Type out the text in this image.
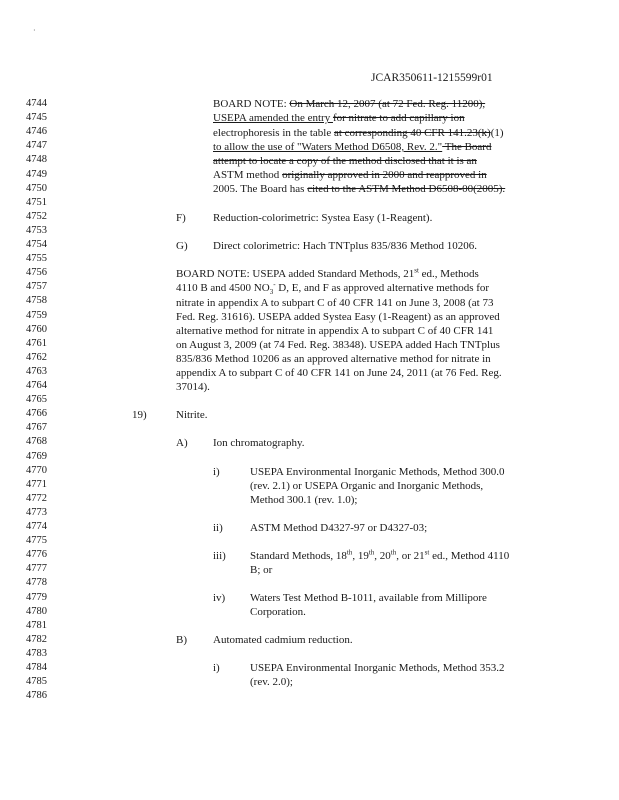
·
JCAR350611-1215599r01
4744
4745
4746
4747
4748
4749
4750
4751
4752
4753
4754
4755
4756
4757
4758
4759
4760
4761
4762
4763
4764
4765
4766
4767
4768
4769
4770
4771
4772
4773
4774
4775
4776
4777
4778
4779
4780
4781
4782
4783
4784
4785
4786
BOARD NOTE: On March 12, 2007 (at 72 Fed. Reg. 11200),
USEPA amended the entry for nitrate to add capillary ion
electrophoresis in the table at corresponding 40 CFR 141.23(k)(1)
to allow the use of "Waters Method D6508, Rev. 2." The Board
attempt to locate a copy of the method disclosed that it is an
ASTM method originally approved in 2000 and reapproved in
2005. The Board has cited to the ASTM Method D6508-00(2005).
F) Reduction-colorimetric: Systea Easy (1-Reagent).
G) Direct colorimetric: Hach TNTplus 835/836 Method 10206.
BOARD NOTE: USEPA added Standard Methods, 21st ed., Methods
4110 B and 4500 $NO_3^-$ D, E, and F as approved alternative methods for
nitrate in appendix A to subpart C of 40 CFR 141 on June 3, 2008 (at 73
Fed. Reg. 31616). USEPA added Systea Easy (1-Reagent) as an approved
alternative method for nitrate in appendix A to subpart C of 40 CFR 141
on August 3, 2009 (at 74 Fed. Reg. 38348). USEPA added Hach TNTplus
835/836 Method 10206 as an approved alternative method for nitrate in
appendix A to subpart C of 40 CFR 141 on June 24, 2011 (at 76 Fed. Reg.
37014).
19)	Nitrite.
A) Ion chromatography.
i)	USEPA Environmental Inorganic Methods, Method 300.0
(rev. 2.1) or USEPA Organic and Inorganic Methods,
Method 300.1 (rev. 1.0);
ii) ASTM Method D4327-97 or D4327-03;
iii) Standard Methods, 18th, 19th, 20th, or 21st ed., Method 4110
B; or
iv) Waters Test Method B-1011, available from Millipore
Corporation.
B) Automated cadmium reduction.
i)	USEPA Environmental Inorganic Methods, Method 353.2
(rev. 2.0);
